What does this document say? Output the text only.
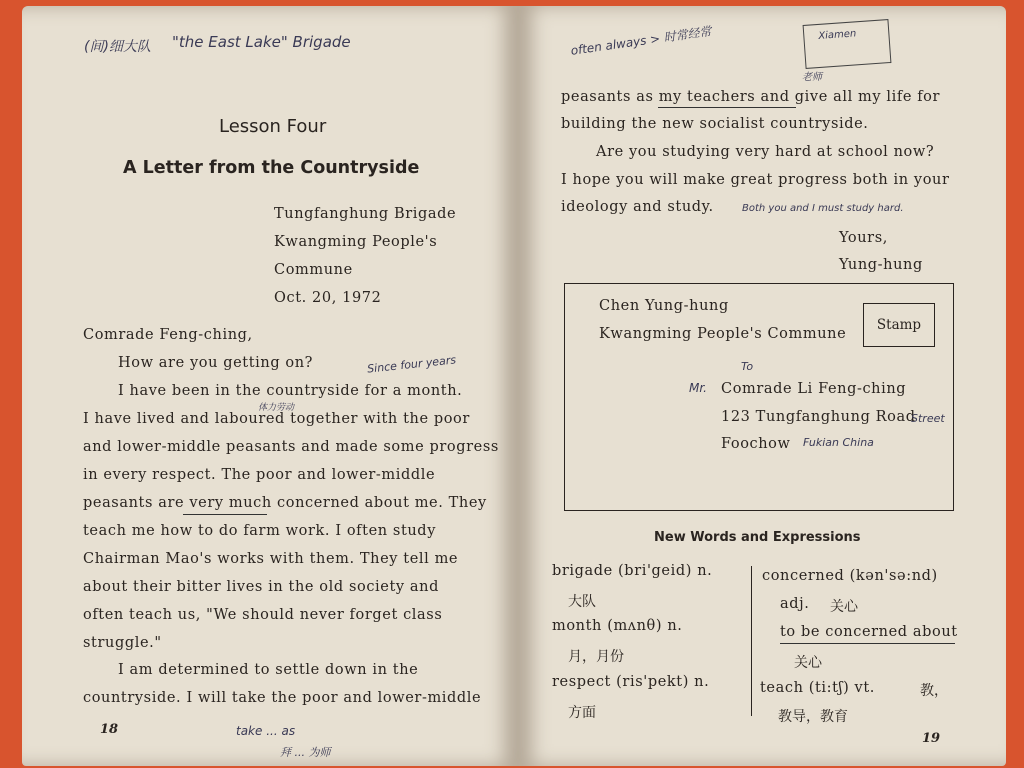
(间)细大队 "the East Lake" Brigade
Lesson Four
A Letter from the Countryside
Tungfanghung Brigade
Kwangming People's
Commune
Oct. 20, 1972
Comrade Feng-ching,
How are you getting on?	Since four years
I have been in the countryside for a month.
体力劳动
I have lived and laboured together with the poor
and lower-middle peasants and made some progress
in every respect. The poor and lower-middle
peasants are very much concerned about me. They
teach me how to do farm work. I often study
Chairman Mao's works with them. They tell me
about their bitter lives in the old society and
often teach us, "We should never forget class
struggle."
I am determined to settle down in the
countryside. I will take the poor and lower-middle
18	take ... as
拜 ... 为师
often always > 时常经常	Xiamen
老师
peasants as my teachers and give all my life for
building the new socialist countryside.
Are you studying very hard at school now?
I hope you will make great progress both in your
ideology and study.	Both you and I must study hard.
Yours,
Yung-hung
Chen Yung-hung
Kwangming People's Commune
Stamp
To
Mr. Comrade Li Feng-ching
123 Tungfanghung Road
Foochow Fukian China
Street
New Words and Expressions
brigade (bri'geid) n.
大队
month (mʌnθ) n.
月，月份
respect (ris'pekt) n.
方面
concerned (kən'sə:nd)
adj. 关心
to be concerned about
关心
teach (ti:tʃ) vt.	教，
教导，教育
19
